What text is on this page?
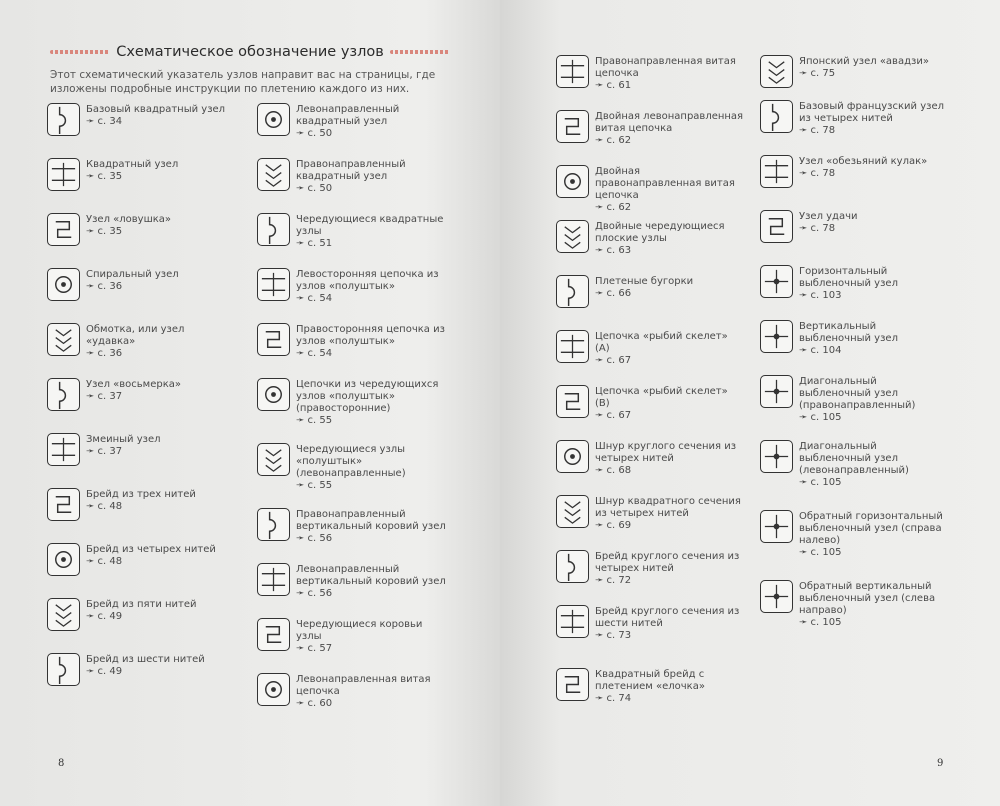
Схематическое обозначение узлов

Этот схематический указатель узлов направит вас на страницы, где изложены подробные инструкции по плетению каждого из них.

8	9
Базовый квадратный узел
➛ с. 34
Квадратный узел
➛ с. 35
Узел «ловушка»
➛ с. 35
Спиральный узел
➛ с. 36
Обмотка, или узел «удавка»
➛ с. 36
Узел «восьмерка»
➛ с. 37
Змеиный узел
➛ с. 37
Брейд из трех нитей
➛ с. 48
Брейд из четырех нитей
➛ с. 48
Брейд из пяти нитей
➛ с. 49
Брейд из шести нитей
➛ с. 49
Левонаправленный квадратный узел
➛ с. 50
Правонаправленный квадратный узел
➛ с. 50
Чередующиеся квадратные узлы
➛ с. 51
Левосторонняя цепочка из узлов «полуштык»
➛ с. 54
Правосторонняя цепочка из узлов «полуштык»
➛ с. 54
Цепочки из чередующихся узлов «полуштык» (правосторонние)
➛ с. 55
Чередующиеся узлы «полуштык» (левонаправленные)
➛ с. 55
Правонаправленный вертикальный коровий узел
➛ с. 56
Левонаправленный вертикальный коровий узел
➛ с. 56
Чередующиеся коровьи узлы
➛ с. 57
Левонаправленная витая цепочка
➛ с. 60
Правонаправленная витая цепочка
➛ с. 61
Двойная левонаправленная витая цепочка
➛ с. 62
Двойная правонаправленная витая цепочка
➛ с. 62
Двойные чередующиеся плоские узлы
➛ с. 63
Плетеные бугорки
➛ с. 66
Цепочка «рыбий скелет» (А)
➛ с. 67
Цепочка «рыбий скелет» (В)
➛ с. 67
Шнур круглого сечения из четырех нитей
➛ с. 68
Шнур квадратного сечения из четырех нитей
➛ с. 69
Брейд круглого сечения из четырех нитей
➛ с. 72
Брейд круглого сечения из шести нитей
➛ с. 73
Квадратный брейд с плетением «елочка»
➛ с. 74
Японский узел «авадзи»
➛ с. 75
Базовый французский узел из четырех нитей
➛ с. 78
Узел «обезьяний кулак»
➛ с. 78
Узел удачи
➛ с. 78
Горизонтальный выбленочный узел
➛ с. 103
Вертикальный выбленочный узел
➛ с. 104
Диагональный выбленочный узел (правонаправленный)
➛ с. 105
Диагональный выбленочный узел (левонаправленный)
➛ с. 105
Обратный горизонтальный выбленочный узел (справа налево)
➛ с. 105
Обратный вертикальный выбленочный узел (слева направо)
➛ с. 105
